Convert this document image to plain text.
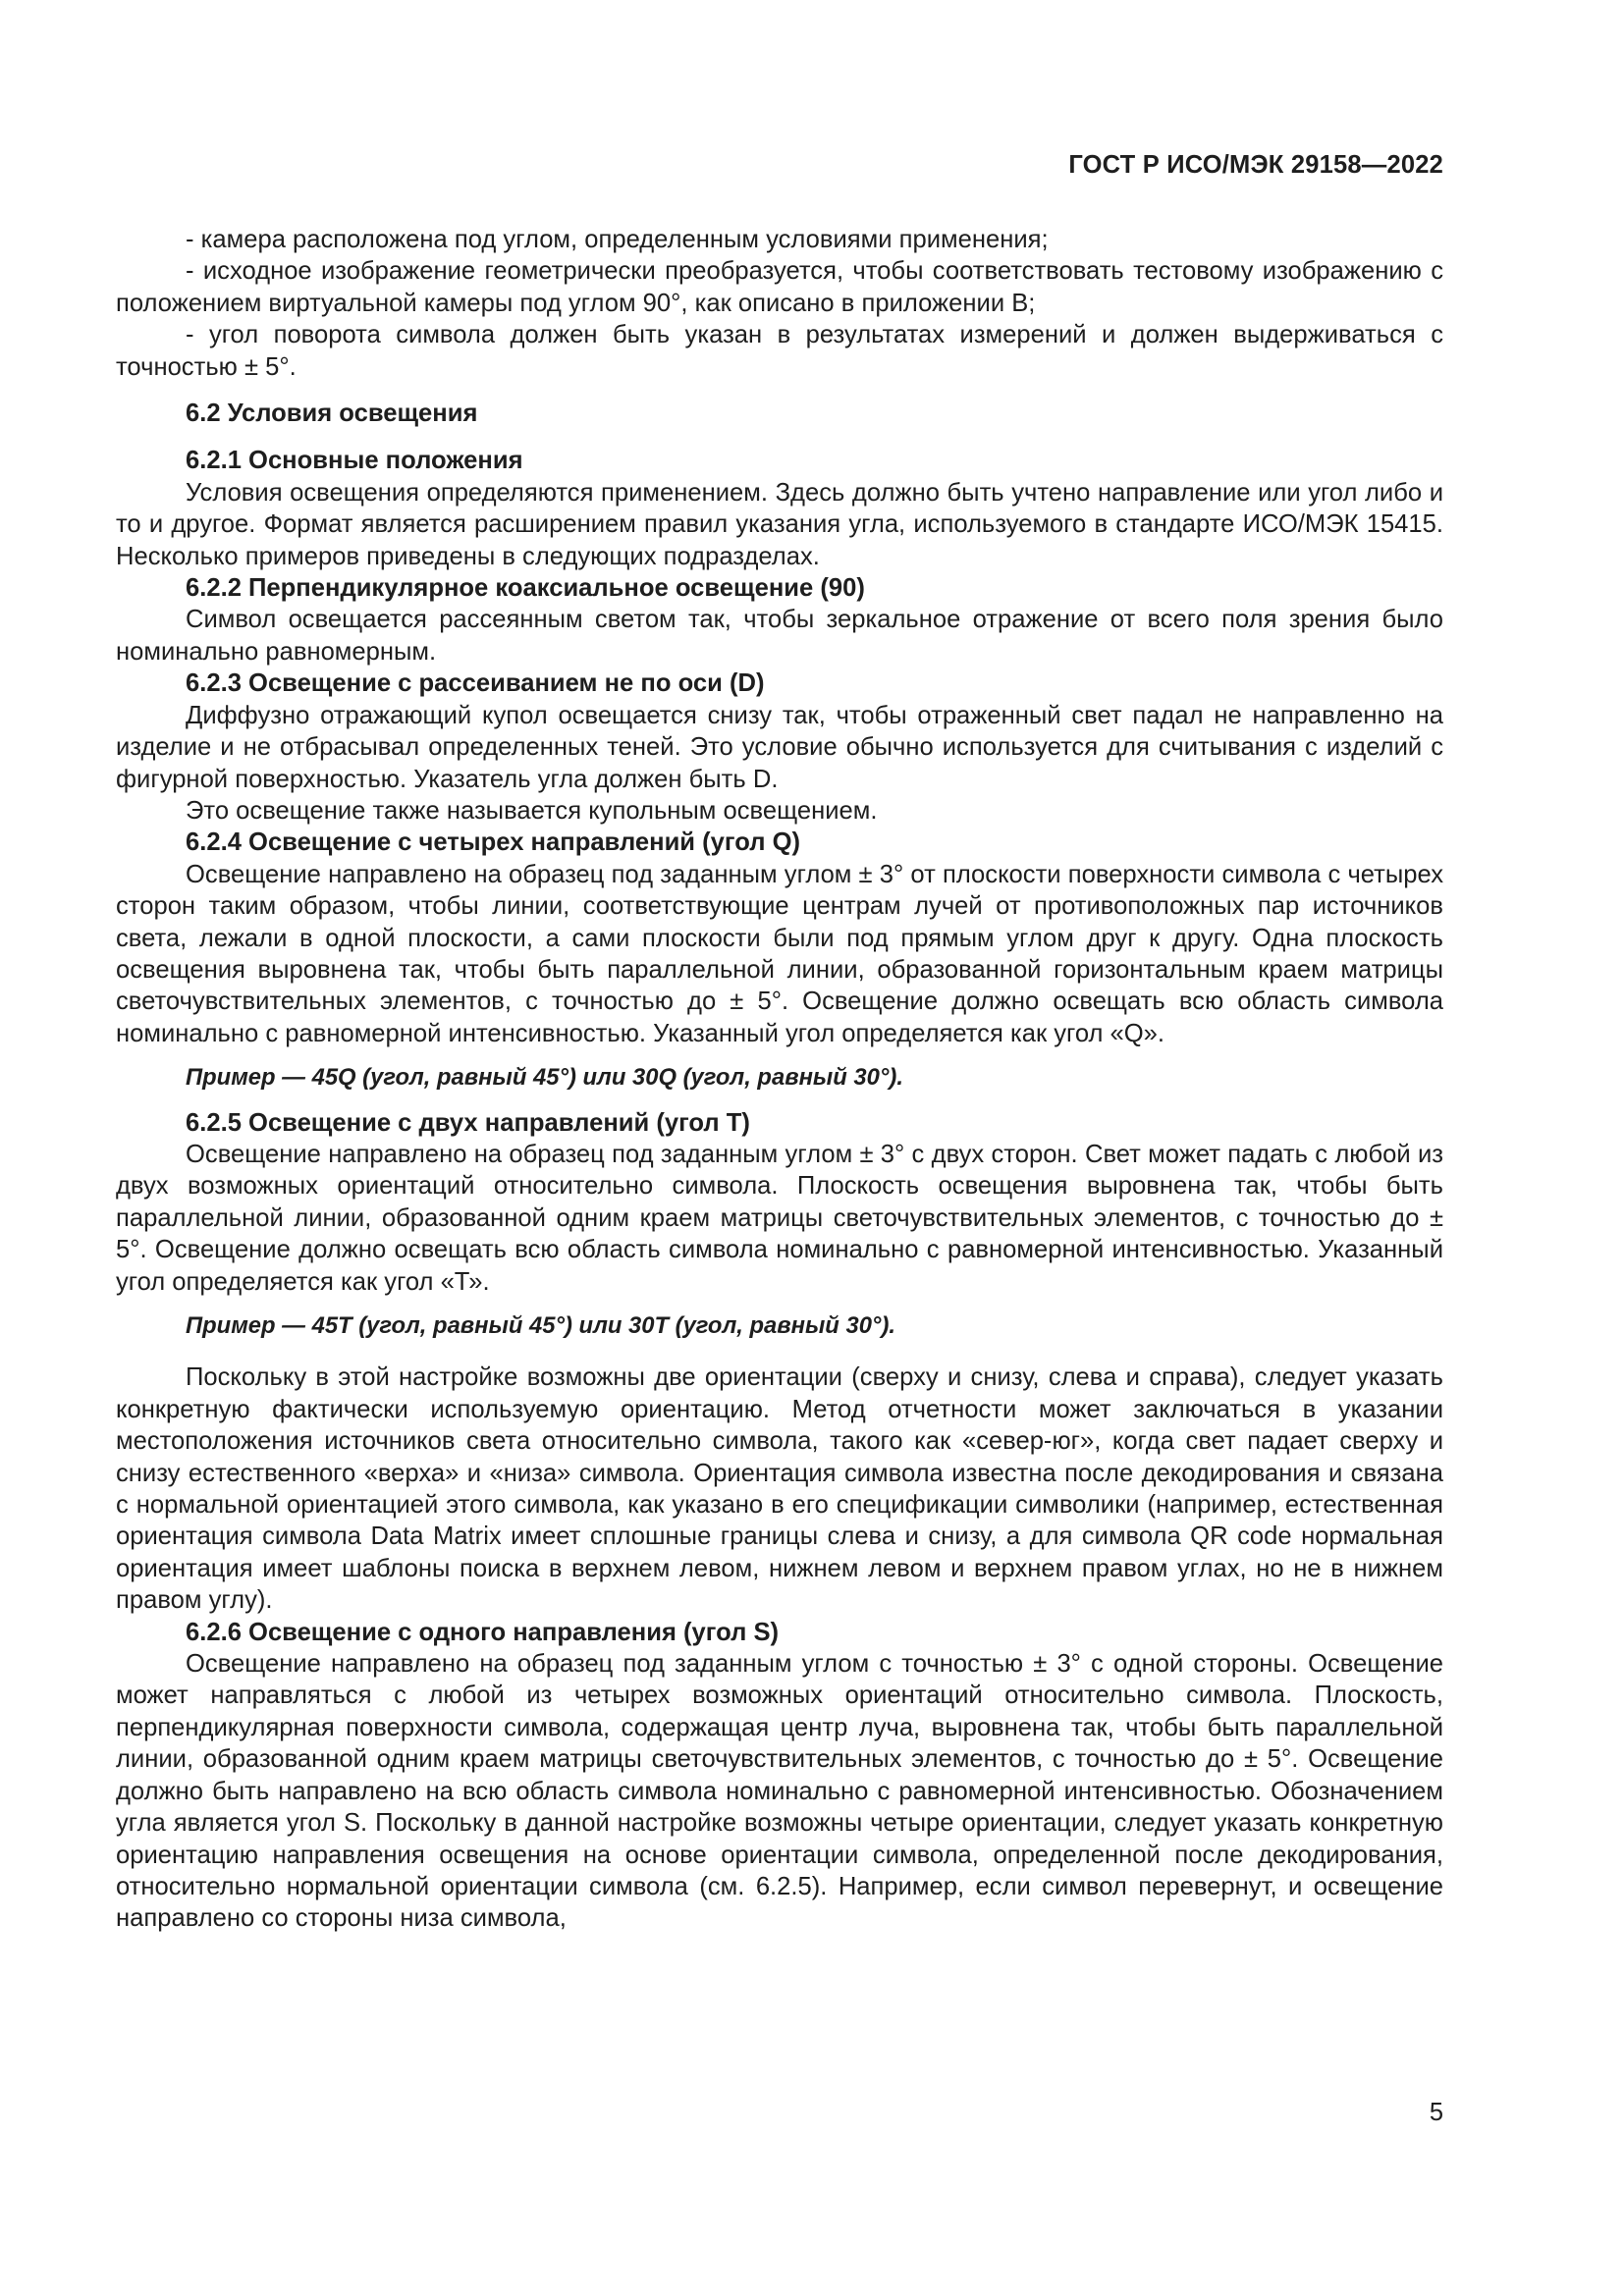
ГОСТ Р ИСО/МЭК 29158—2022

- камера расположена под углом, определенным условиями применения;

- исходное изображение геометрически преобразуется, чтобы соответствовать тестовому изображению с положением виртуальной камеры под углом 90°, как описано в приложении В;

- угол поворота символа должен быть указан в результатах измерений и должен выдерживаться с точностью ± 5°.

6.2 Условия освещения
6.2.1 Основные положения

Условия освещения определяются применением. Здесь должно быть учтено направление или угол либо и то и другое. Формат является расширением правил указания угла, используемого в стандарте ИСО/МЭК 15415. Несколько примеров приведены в следующих подразделах.

6.2.2 Перпендикулярное коаксиальное освещение (90)

Символ освещается рассеянным светом так, чтобы зеркальное отражение от всего поля зрения было номинально равномерным.

6.2.3 Освещение с рассеиванием не по оси (D)

Диффузно отражающий купол освещается снизу так, чтобы отраженный свет падал не направленно на изделие и не отбрасывал определенных теней. Это условие обычно используется для считывания с изделий с фигурной поверхностью. Указатель угла должен быть D.

Это освещение также называется купольным освещением.

6.2.4 Освещение с четырех направлений (угол Q)

Освещение направлено на образец под заданным углом ± 3° от плоскости поверхности символа с четырех сторон таким образом, чтобы линии, соответствующие центрам лучей от противоположных пар источников света, лежали в одной плоскости, а сами плоскости были под прямым углом друг к другу. Одна плоскость освещения выровнена так, чтобы быть параллельной линии, образованной горизонтальным краем матрицы светочувствительных элементов, с точностью до ± 5°. Освещение должно освещать всю область символа номинально с равномерной интенсивностью. Указанный угол определяется как угол «Q».

Пример — 45Q (угол, равный 45°) или 30Q (угол, равный 30°).

6.2.5 Освещение с двух направлений (угол Т)

Освещение направлено на образец под заданным углом ± 3° с двух сторон. Свет может падать с любой из двух возможных ориентаций относительно символа. Плоскость освещения выровнена так, чтобы быть параллельной линии, образованной одним краем матрицы светочувствительных элементов, с точностью до ± 5°. Освещение должно освещать всю область символа номинально с равномерной интенсивностью. Указанный угол определяется как угол «Т».

Пример — 45T (угол, равный 45°) или 30T (угол, равный 30°).

Поскольку в этой настройке возможны две ориентации (сверху и снизу, слева и справа), следует указать конкретную фактически используемую ориентацию. Метод отчетности может заключаться в указании местоположения источников света относительно символа, такого как «север-юг», когда свет падает сверху и снизу естественного «верха» и «низа» символа. Ориентация символа известна после декодирования и связана с нормальной ориентацией этого символа, как указано в его спецификации символики (например, естественная ориентация символа Data Matrix имеет сплошные границы слева и снизу, а для символа QR code нормальная ориентация имеет шаблоны поиска в верхнем левом, нижнем левом и верхнем правом углах, но не в нижнем правом углу).

6.2.6 Освещение с одного направления (угол S)

Освещение направлено на образец под заданным углом с точностью ± 3° с одной стороны. Освещение может направляться с любой из четырех возможных ориентаций относительно символа. Плоскость, перпендикулярная поверхности символа, содержащая центр луча, выровнена так, чтобы быть параллельной линии, образованной одним краем матрицы светочувствительных элементов, с точностью до ± 5°. Освещение должно быть направлено на всю область символа номинально с равномерной интенсивностью. Обозначением угла является угол S. Поскольку в данной настройке возможны четыре ориентации, следует указать конкретную ориентацию направления освещения на основе ориентации символа, определенной после декодирования, относительно нормальной ориентации символа (см. 6.2.5). Например, если символ перевернут, и освещение направлено со стороны низа символа,

5
